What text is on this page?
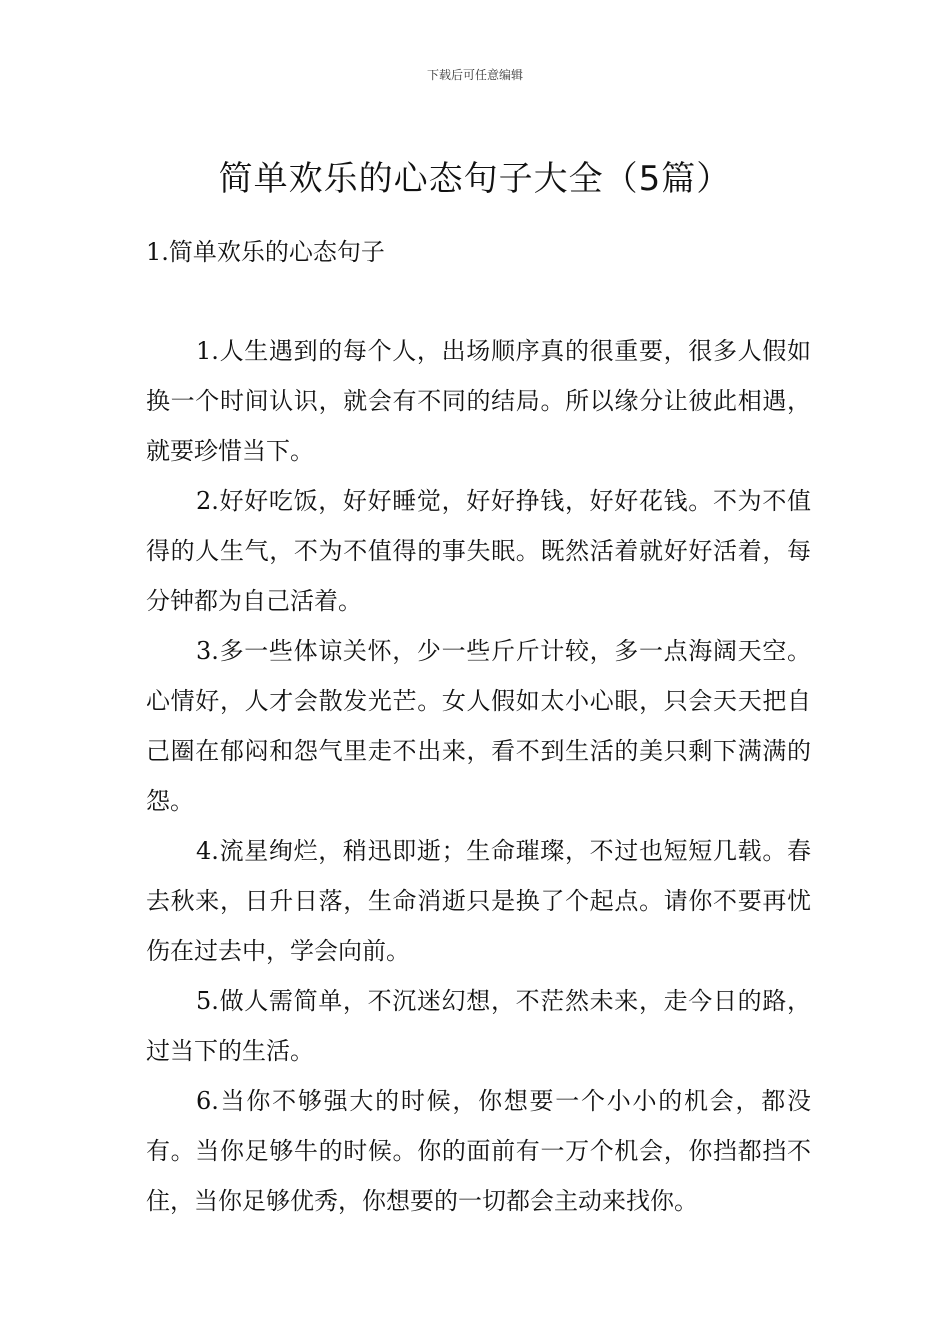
下载后可任意编辑
简单欢乐的心态句子大全（5篇）
1.简单欢乐的心态句子

1.人生遇到的每个人，出场顺序真的很重要，很多人假如换一个时间认识，就会有不同的结局。所以缘分让彼此相遇，就要珍惜当下。

2.好好吃饭，好好睡觉，好好挣钱，好好花钱。不为不值得的人生气，不为不值得的事失眠。既然活着就好好活着，每分钟都为自己活着。

3.多一些体谅关怀，少一些斤斤计较，多一点海阔天空。心情好，人才会散发光芒。女人假如太小心眼，只会天天把自己圈在郁闷和怨气里走不出来，看不到生活的美只剩下满满的怨。

4.流星绚烂，稍迅即逝；生命璀璨，不过也短短几载。春去秋来，日升日落，生命消逝只是换了个起点。请你不要再忧伤在过去中，学会向前。

5.做人需简单，不沉迷幻想，不茫然未来，走今日的路，过当下的生活。

6.当你不够强大的时候，你想要一个小小的机会，都没有。当你足够牛的时候。你的面前有一万个机会，你挡都挡不住，当你足够优秀，你想要的一切都会主动来找你。
